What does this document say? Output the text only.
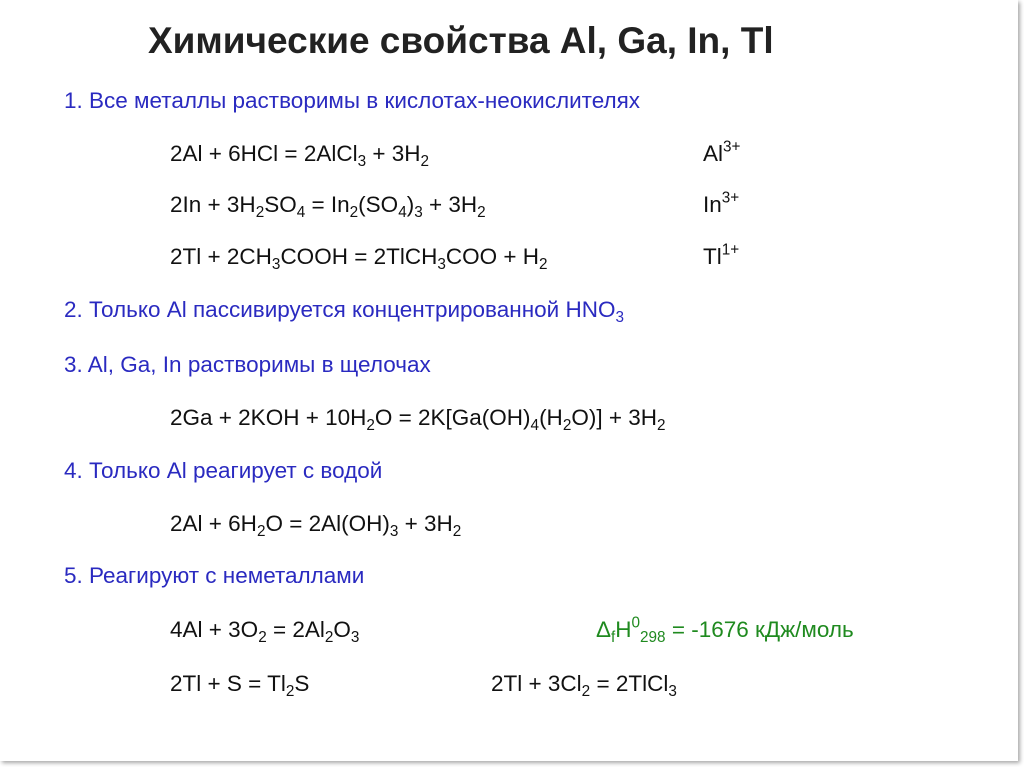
Химические свойства Al, Ga, In, Tl
1. Все металлы растворимы в кислотах-неокислителях
2Al + 6HCl = 2AlCl$_3$ + $3H_2$	$Al^{3+}$
$2In + 3H_2SO_4 = In_2(SO_4)_3 + 3H_2$	$In^{3+}$
$2Tl + 2CH_3COOH$ = 2TlCH$_3$COO + $H_2$	$Tl^{1+}$
2. Только Al пассивируется концентрированной $HNO_3$
3. Al, Ga, In растворимы в щелочах
$2Ga + 2KOH + 10H_2O = 2K[Ga(OH)_4(H_2O)] + 3H_2$
4. Только Al реагирует с водой
$2Al + 6H_2O = 2Al(OH)_3 + 3H_2$
5. Реагируют с неметаллами
$4Al + 3O_2 = 2Al_2O_3$	$\Delta_fH^0_{298} = -1676$ кДж/моль
$2Tl + S = Tl_2S$	$2Tl + 3Cl_2$ = 2TlCl$_3$
